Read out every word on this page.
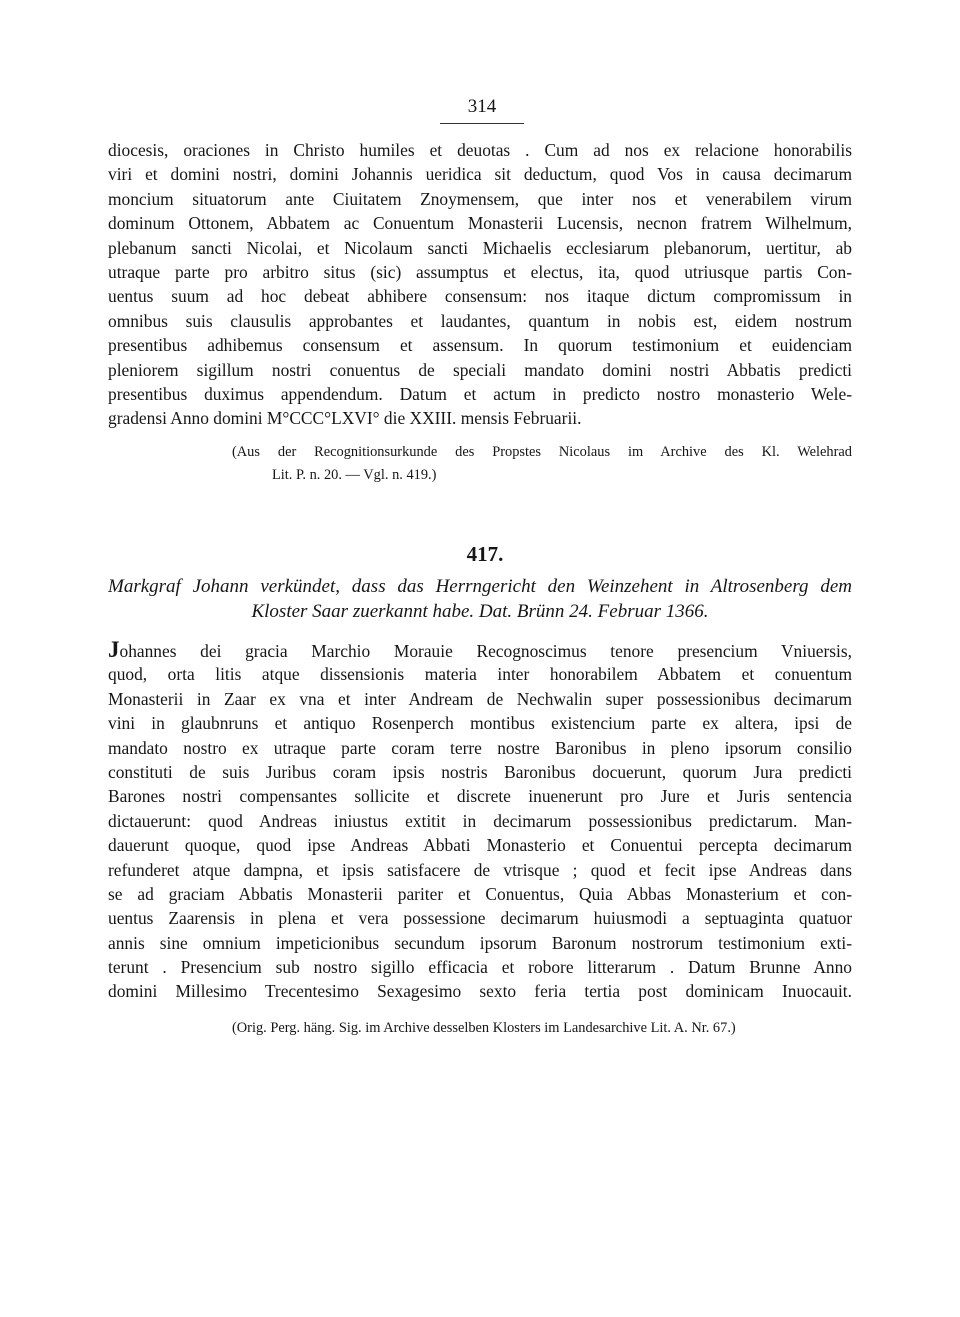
314
diocesis, oraciones in Christo humiles et deuotas . Cum ad nos ex relacione honorabilis
viri et domini nostri, domini Johannis ueridica sit deductum, quod Vos in causa decimarum
moncium situatorum ante Ciuitatem Znoymensem, que inter nos et venerabilem virum
dominum Ottonem, Abbatem ac Conuentum Monasterii Lucensis, necnon fratrem Wilhelmum,
plebanum sancti Nicolai, et Nicolaum sancti Michaelis ecclesiarum plebanorum, uertitur, ab
utraque parte pro arbitro situs (sic) assumptus et electus, ita, quod utriusque partis Con-
uentus suum ad hoc debeat abhibere consensum: nos itaque dictum compromissum in
omnibus suis clausulis approbantes et laudantes, quantum in nobis est, eidem nostrum
presentibus adhibemus consensum et assensum. In quorum testimonium et euidenciam
pleniorem sigillum nostri conuentus de speciali mandato domini nostri Abbatis predicti
presentibus duximus appendendum. Datum et actum in predicto nostro monasterio Wele-
gradensi Anno domini M°CCC°LXVI° die XXIII. mensis Februarii.
(Aus der Recognitionsurkunde des Propstes Nicolaus im Archive des Kl. Welehrad
Lit. P. n. 20. — Vgl. n. 419.)
417.
Markgraf Johann verkündet, dass das Herrngericht den Weinzehent in Altrosenberg dem
Kloster Saar zuerkannt habe. Dat. Brünn 24. Februar 1366.
Johannes dei gracia Marchio Morauie Recognoscimus tenore presencium Vniuersis,
quod, orta litis atque dissensionis materia inter honorabilem Abbatem et conuentum
Monasterii in Zaar ex vna et inter Andream de Nechwalin super possessionibus decimarum
vini in glaubnruns et antiquo Rosenperch montibus existencium parte ex altera, ipsi de
mandato nostro ex utraque parte coram terre nostre Baronibus in pleno ipsorum consilio
constituti de suis Juribus coram ipsis nostris Baronibus docuerunt, quorum Jura predicti
Barones nostri compensantes sollicite et discrete inuenerunt pro Jure et Juris sentencia
dictauerunt: quod Andreas iniustus extitit in decimarum possessionibus predictarum. Man-
dauerunt quoque, quod ipse Andreas Abbati Monasterio et Conuentui percepta decimarum
refunderet atque dampna, et ipsis satisfacere de vtrisque ; quod et fecit ipse Andreas dans
se ad graciam Abbatis Monasterii pariter et Conuentus, Quia Abbas Monasterium et con-
uentus Zaarensis in plena et vera possessione decimarum huiusmodi a septuaginta quatuor
annis sine omnium impeticionibus secundum ipsorum Baronum nostrorum testimonium exti-
terunt . Presencium sub nostro sigillo efficacia et robore litterarum . Datum Brunne Anno
domini Millesimo Trecentesimo Sexagesimo sexto feria tertia post dominicam Inuocauit.
(Orig. Perg. häng. Sig. im Archive desselben Klosters im Landesarchive Lit. A. Nr. 67.)
